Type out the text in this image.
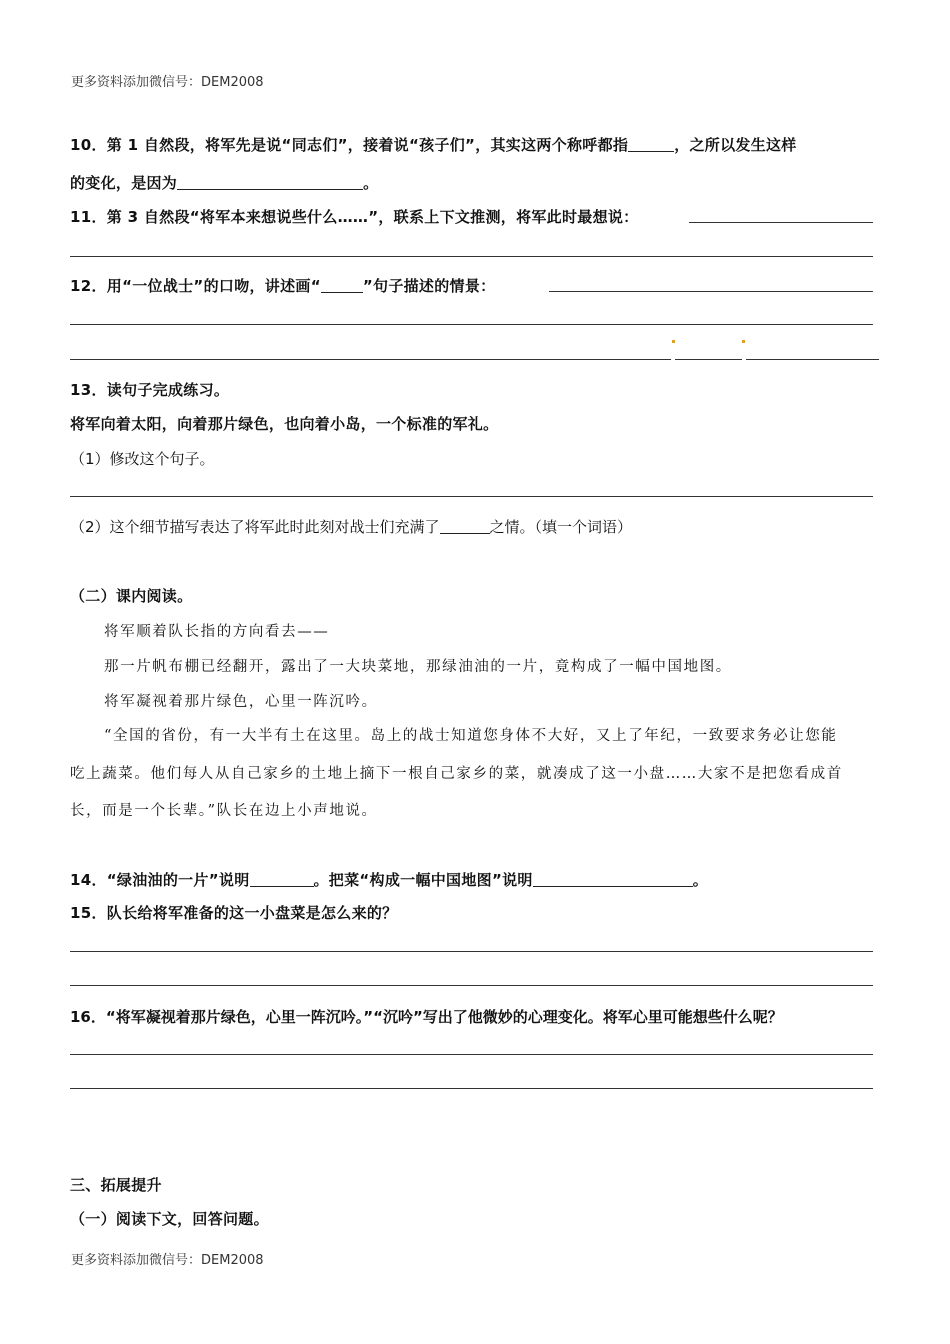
更多资料添加微信号：DEM2008
10．第 1 自然段，将军先是说“同志们”，接着说“孩子们”，其实这两个称呼都指	，之所以发生这样
的变化，是因为	。
11．第 3 自然段“将军本来想说些什么……”，联系上下文推测，将军此时最想说：
12．用“一位战士”的口吻，讲述画“	”句子描述的情景：
13．读句子完成练习。
将军向着太阳，向着那片绿色，也向着小岛，一个标准的军礼。
（1）修改这个句子。
（2）这个细节描写表达了将军此时此刻对战士们充满了	之情。（填一个词语）
（二）课内阅读。
将军顺着队长指的方向看去——
那一片帆布棚已经翻开，露出了一大块菜地，那绿油油的一片，竟构成了一幅中国地图。
将军凝视着那片绿色，心里一阵沉吟。
“全国的省份，有一大半有土在这里。岛上的战士知道您身体不大好，又上了年纪，一致要求务必让您能
吃上蔬菜。他们每人从自己家乡的土地上摘下一根自己家乡的菜，就凑成了这一小盘……大家不是把您看成首
长，而是一个长辈。”队长在边上小声地说。
14．“绿油油的一片”说明	。把菜“构成一幅中国地图”说明	。
15．队长给将军准备的这一小盘菜是怎么来的？
16．“将军凝视着那片绿色，心里一阵沉吟。”“沉吟”写出了他微妙的心理变化。将军心里可能想些什么呢？
三、拓展提升
（一）阅读下文，回答问题。
更多资料添加微信号：DEM2008
